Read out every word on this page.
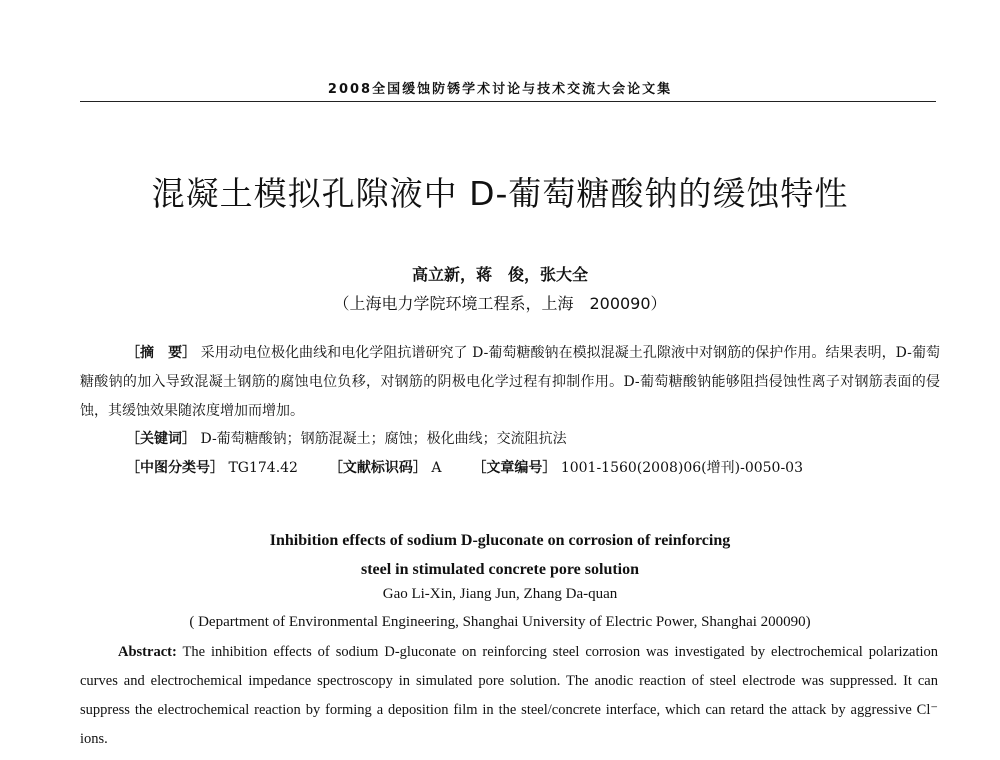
2008全国缓蚀防锈学术讨论与技术交流大会论文集
混凝土模拟孔隙液中 D-葡萄糖酸钠的缓蚀特性
高立新，蒋　俊，张大全
（上海电力学院环境工程系，上海　200090）
［摘　要］ 采用动电位极化曲线和电化学阻抗谱研究了 D-葡萄糖酸钠在模拟混凝土孔隙液中对钢筋的保护作用。结果表明，D-葡萄糖酸钠的加入导致混凝土钢筋的腐蚀电位负移，对钢筋的阴极电化学过程有抑制作用。D-葡萄糖酸钠能够阻挡侵蚀性离子对钢筋表面的侵蚀，其缓蚀效果随浓度增加而增加。
［关键词］ D-葡萄糖酸钠；钢筋混凝土；腐蚀；极化曲线；交流阻抗法
［中图分类号］ TG174.42 ［文献标识码］ A ［文章编号］ 1001-1560(2008)06(增刊)-0050-03
Inhibition effects of sodium D-gluconate on corrosion of reinforcing
steel in stimulated concrete pore solution
Gao Li-Xin, Jiang Jun, Zhang Da-quan
( Department of Environmental Engineering, Shanghai University of Electric Power, Shanghai 200090)
Abstract: The inhibition effects of sodium D-gluconate on reinforcing steel corrosion was investigated by electrochemical polarization curves and electrochemical impedance spectroscopy in simulated pore solution. The anodic reaction of steel electrode was suppressed. It can suppress the electrochemical reaction by forming a deposition film in the steel/concrete interface, which can retard the attack by aggressive Cl⁻ ions.
